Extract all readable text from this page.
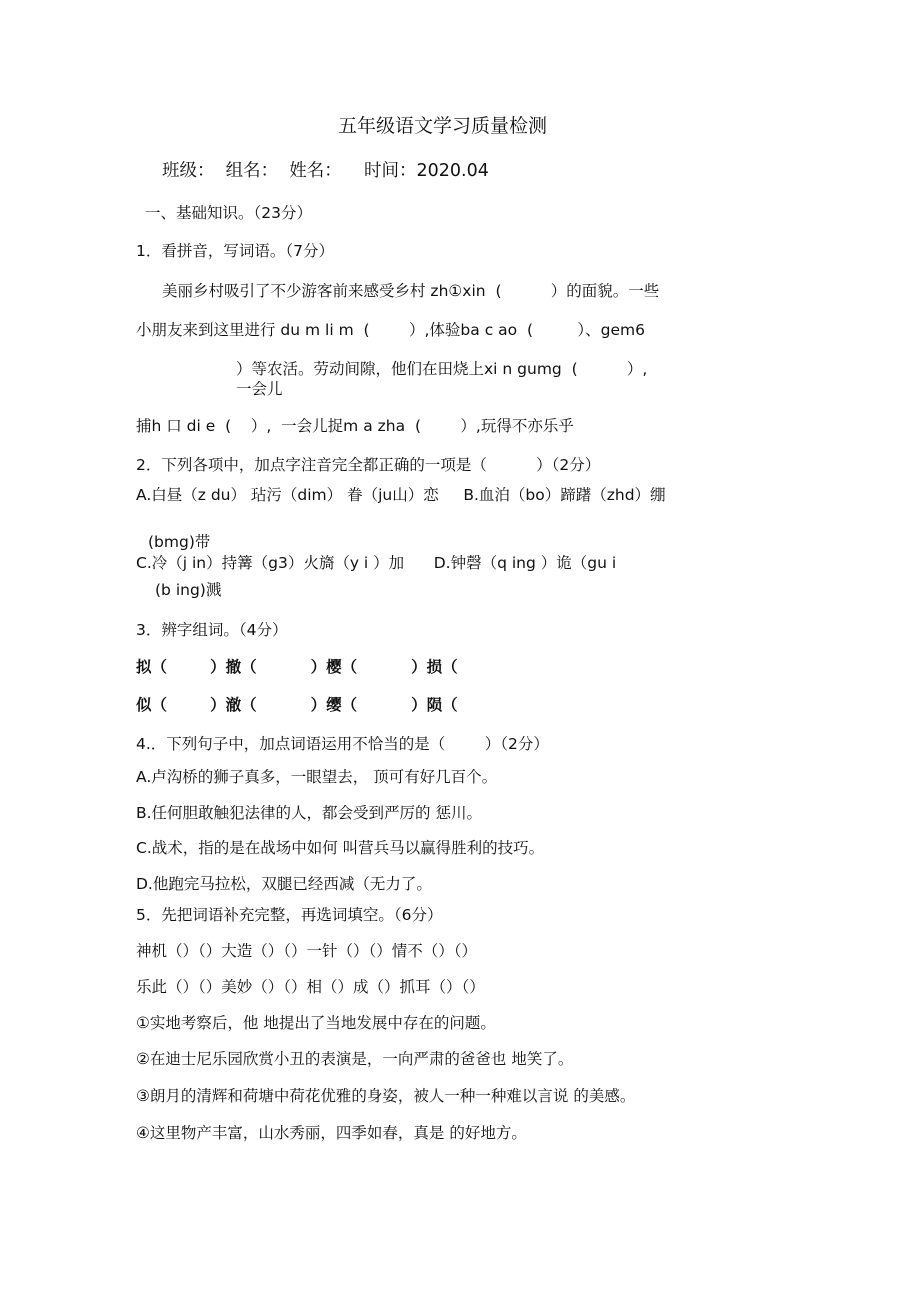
五年级语文学习质量检测
班级：  组名：  姓名：    时间：2020.04
一、基础知识。（23分）
1．看拼音，写词语。（7分）
美丽乡村吸引了不少游客前来感受乡村 zh①xin  (          ）的面貌。一些
小朋友来到这里进行 du m li m  (        ）,体验ba c ao  (         ）、gem6
）等农活。劳动间隙，他们在田烧上xi n gumg  (          ）,
一会儿
捕h 口 di e  (    ）,  一会儿捉m a zha  (        ）,玩得不亦乐乎
2．下列各项中，加点字注音完全都正确的一项是（          ）（2分）
A.白昼（z du） 玷污（dim） 眷（ju山）恋     B.血泊（bo）蹄躇（zhd）绷
(bmg)带
C.冷（j in）持篝（g3）火旖（y i ）加      D.钟磬（q ing ）诡（gu i
(b ing)溅
3．辨字组词。（4分）
拟（        ）撤（          ）樱（          ）损（
似（        ）澈（          ）缨（          ）陨（
4.．下列句子中，加点词语运用不恰当的是（        ）（2分）
A.卢沟桥的狮子真多，一眼望去， 顶可有好几百个。
B.任何胆敢触犯法律的人，都会受到严厉的 惩川。
C.战术，指的是在战场中如何 叫营兵马以赢得胜利的技巧。
D.他跑完马拉松，双腿已经西减（无力了。
5．先把词语补充完整，再选词填空。（6分）
神机（）（）大造（）（）一针（）（）情不（）（）
乐此（）（）美妙（）（）相（）成（）抓耳（）（）
①实地考察后，他 地提出了当地发展中存在的问题。
②在迪士尼乐园欣赏小丑的表演是，一向严肃的爸爸也 地笑了。
③朗月的清辉和荷塘中荷花优雅的身姿，被人一种一种难以言说 的美感。
④这里物产丰富，山水秀丽，四季如春，真是 的好地方。
